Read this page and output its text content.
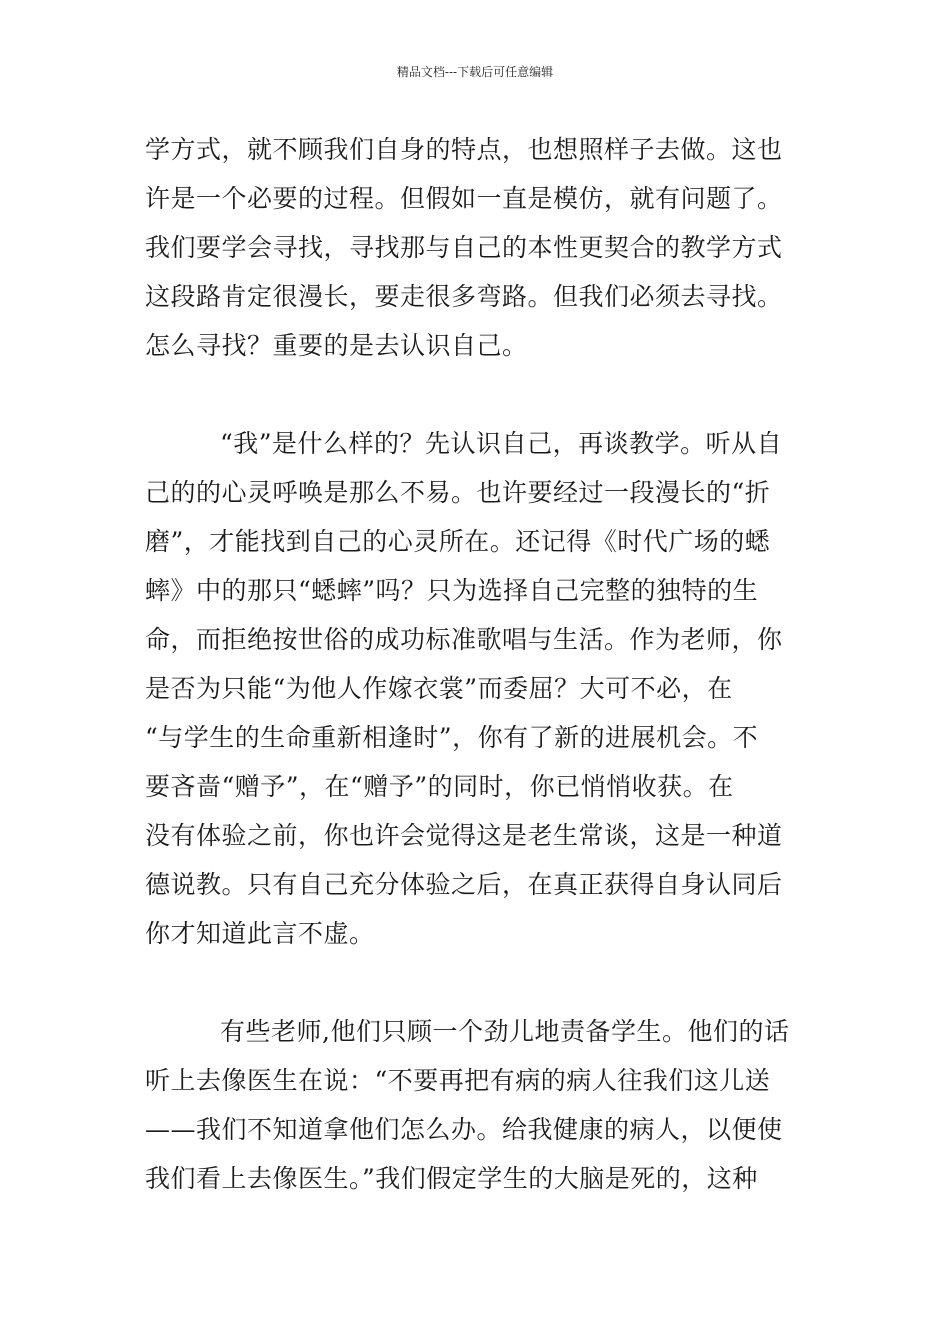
精品文档---下载后可任意编辑
学方式，就不顾我们自身的特点，也想照样子去做。这也
许是一个必要的过程。但假如一直是模仿，就有问题了。
我们要学会寻找，寻找那与自己的本性更契合的教学方式
这段路肯定很漫长，要走很多弯路。但我们必须去寻找。
怎么寻找？重要的是去认识自己。
“我”是什么样的？先认识自己，再谈教学。听从自
己的的心灵呼唤是那么不易。也许要经过一段漫长的“折
磨”，才能找到自己的心灵所在。还记得《时代广场的蟋
蟀》中的那只“蟋蟀”吗？只为选择自己完整的独特的生
命，而拒绝按世俗的成功标准歌唱与生活。作为老师，你
是否为只能“为他人作嫁衣裳”而委屈？大可不必，在
“与学生的生命重新相逢时”，你有了新的进展机会。不
要吝啬“赠予”，在“赠予”的同时，你已悄悄收获。在
没有体验之前，你也许会觉得这是老生常谈，这是一种道
德说教。只有自己充分体验之后，在真正获得自身认同后
你才知道此言不虚。
有些老师,他们只顾一个劲儿地责备学生。他们的话
听上去像医生在说：“不要再把有病的病人往我们这儿送
——我们不知道拿他们怎么办。给我健康的病人，以便使
我们看上去像医生。”我们假定学生的大脑是死的，这种
